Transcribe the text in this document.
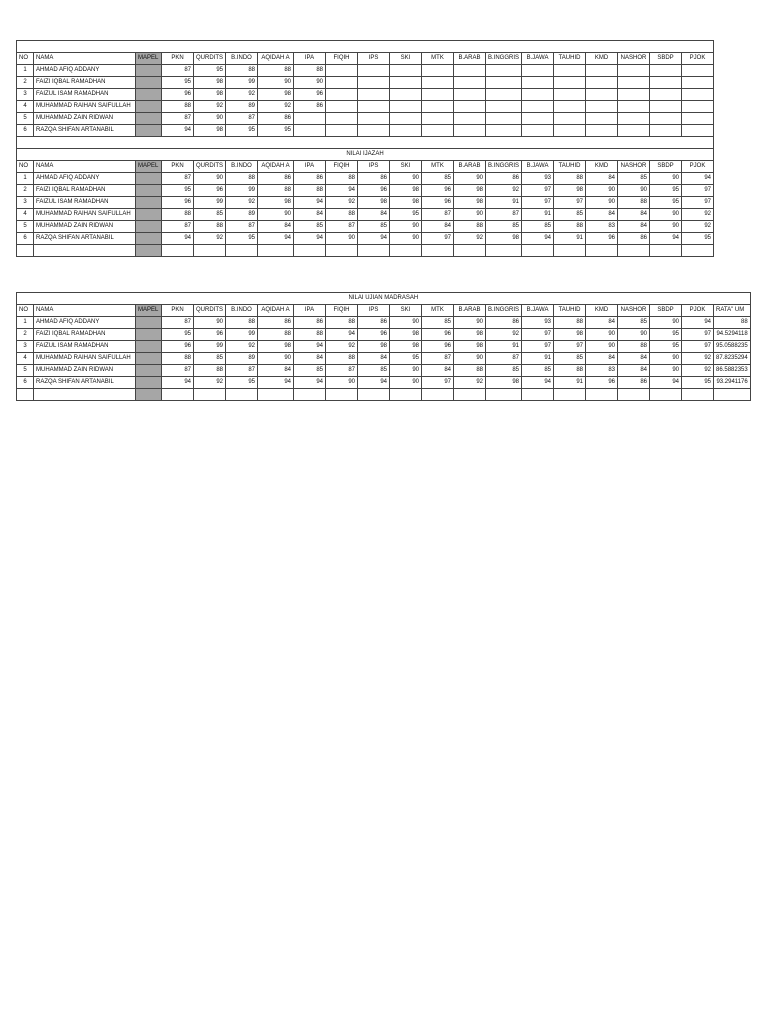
NO	NAMA	MAPEL	PKN	QURDITS	B.INDO	AQIDAH A	IPA	FIQIH	IPS	SKI	MTK	B.ARAB	B.INGGRIS	B.JAWA	TAUHID	KMD	NASHOR	SBDP	PJOK
1	AHMAD AFIQ ADDANY		87	95	88	88	88												
2	FAIZI IQBAL RAMADHAN		95	98	99	90	90												
3	FAIZUL ISAM RAMADHAN		96	98	92	98	96												
4	MUHAMMAD RAIHAN SAIFULLAH		88	92	89	92	86												
5	MUHAMMAD ZAIN RIDWAN		87	90	87	86													
6	RAZQA SHIFAN ARTANABIL		94	98	95	95													

NILAI IJAZAH																			
NO	NAMA	MAPEL	PKN	QURDITS	B.INDO	AQIDAH A	IPA	FIQIH	IPS	SKI	MTK	B.ARAB	B.INGGRIS	B.JAWA	TAUHID	KMD	NASHOR	SBDP	PJOK
1	AHMAD AFIQ ADDANY		87	90	88	86	86	88	86	90	85	90	86	93	88	84	85	90	94
2	FAIZI IQBAL RAMADHAN		95	96	99	88	88	94	96	98	96	98	92	97	98	90	90	95	97
3	FAIZUL ISAM RAMADHAN		96	99	92	98	94	92	98	98	96	98	91	97	97	90	88	95	97
4	MUHAMMAD RAIHAN SAIFULLAH		88	85	89	90	84	88	84	95	87	90	87	91	85	84	84	90	92
5	MUHAMMAD ZAIN RIDWAN		87	88	87	84	85	87	85	90	84	88	85	85	88	83	84	90	92
6	RAZQA SHIFAN ARTANABIL		94	92	95	94	94	90	94	90	97	92	98	94	91	96	86	94	95

NILAI UJIAN MADRASAH																				
NO	NAMA	MAPEL	PKN	QURDITS	B.INDO	AQIDAH A	IPA	FIQIH	IPS	SKI	MTK	B.ARAB	B.INGGRIS	B.JAWA	TAUHID	KMD	NASHOR	SBDP	PJOK	RATA" UM
1	AHMAD AFIQ ADDANY		87	90	88	86	86	88	86	90	85	90	86	93	88	84	85	90	94	88
2	FAIZI IQBAL RAMADHAN		95	96	99	88	88	94	96	98	96	98	92	97	98	90	90	95	97	94.5294118
3	FAIZUL ISAM RAMADHAN		96	99	92	98	94	92	98	98	96	98	91	97	97	90	88	95	97	95.0588235
4	MUHAMMAD RAIHAN SAIFULLAH		88	85	89	90	84	88	84	95	87	90	87	91	85	84	84	90	92	87.8235294
5	MUHAMMAD ZAIN RIDWAN		87	88	87	84	85	87	85	90	84	88	85	85	88	83	84	90	92	86.5882353
6	RAZQA SHIFAN ARTANABIL		94	92	95	94	94	90	94	90	97	92	98	94	91	96	86	94	95	93.2941176
